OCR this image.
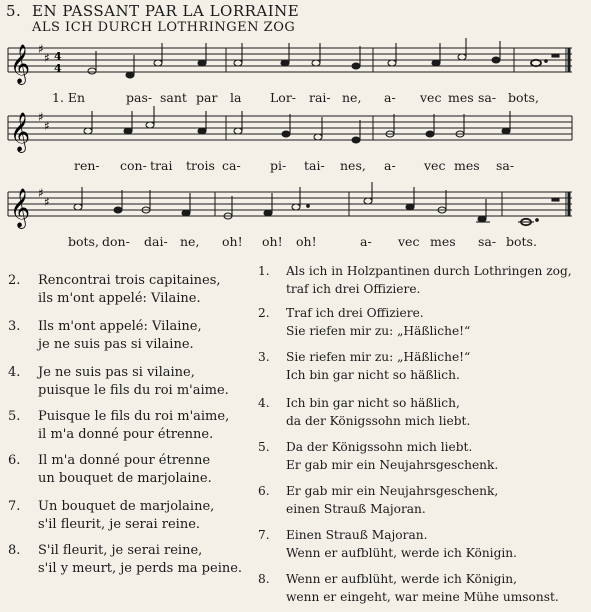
5. EN PASSANT PAR LA LORRAINE
ALS ICH DURCH LOTHRINGEN ZOG
𝄞 ♯
♯ 4
4
1. En	pas- sant par la Lor- rai- ne, a- vec mes sa- bots,
𝄞 ♯
♯
ren- con- trai trois ca- pi- tai- nes, a- vec mes sa-
𝄞 ♯
♯
bots, don- dai- ne, oh! oh! oh!	a- vec mes sa- bots.
2. Rencontrai trois capitaines,
ils m'ont appelé: Vilaine.
3. Ils m'ont appelé: Vilaine,
je ne suis pas si vilaine.
4. Je ne suis pas si vilaine,
puisque le fils du roi m'aime.
5. Puisque le fils du roi m'aime,
il m'a donné pour étrenne.
6. Il m'a donné pour étrenne
un bouquet de marjolaine.
7. Un bouquet de marjolaine,
s'il fleurit, je serai reine.
8. S'il fleurit, je serai reine,
s'il y meurt, je perds ma peine.
1. Als ich in Holzpantinen durch Lothringen zog,
traf ich drei Offiziere.
2. Traf ich drei Offiziere.
Sie riefen mir zu: „Häßliche!“
3. Sie riefen mir zu: „Häßliche!“
Ich bin gar nicht so häßlich.
4. Ich bin gar nicht so häßlich,
da der Königssohn mich liebt.
5. Da der Königssohn mich liebt.
Er gab mir ein Neujahrsgeschenk.
6. Er gab mir ein Neujahrsgeschenk,
einen Strauß Majoran.
7. Einen Strauß Majoran.
Wenn er aufblüht, werde ich Königin.
8. Wenn er aufblüht, werde ich Königin,
wenn er eingeht, war meine Mühe umsonst.
